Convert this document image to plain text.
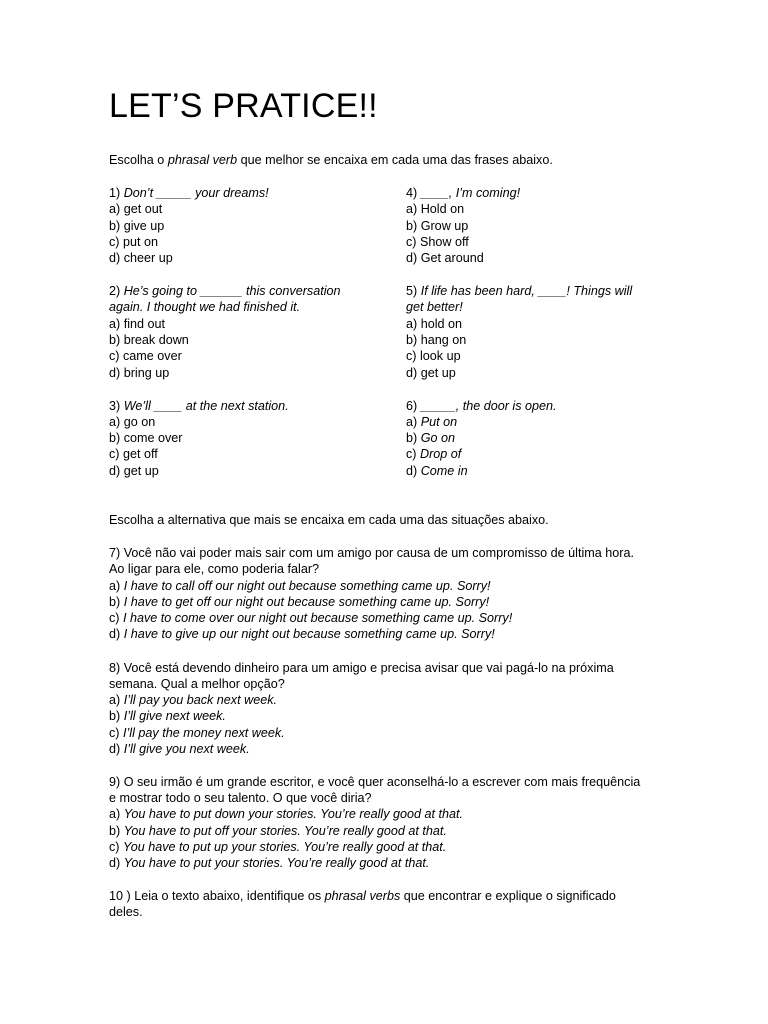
LET’S PRATICE!!
Escolha o phrasal verb que melhor se encaixa em cada uma das frases abaixo.
1) Don’t _____ your dreams!
a) get out
b) give up
c) put on
d) cheer up
4) ____, I’m coming!
a) Hold on
b) Grow up
c) Show off
d) Get around
2) He’s going to ______ this conversation
again. I thought we had finished it.
a) find out
b) break down
c) came over
d) bring up
5) If life has been hard, ____! Things will
get better!
a) hold on
b) hang on
c) look up
d) get up
3) We’ll ____ at the next station.
a) go on
b) come over
c) get off
d) get up
6) _____, the door is open.
a) Put on
b) Go on
c) Drop of
d) Come in
Escolha a alternativa que mais se encaixa em cada uma das situações abaixo.
7) Você não vai poder mais sair com um amigo por causa de um compromisso de última hora.
Ao ligar para ele, como poderia falar?
a) I have to call off our night out because something came up. Sorry!
b) I have to get off our night out because something came up. Sorry!
c) I have to come over our night out because something came up. Sorry!
d) I have to give up our night out because something came up. Sorry!
8) Você está devendo dinheiro para um amigo e precisa avisar que vai pagá-lo na próxima
semana. Qual a melhor opção?
a) I’ll pay you back next week.
b) I’ll give next week.
c) I’ll pay the money next week.
d) I’ll give you next week.
9) O seu irmão é um grande escritor, e você quer aconselhá-lo a escrever com mais frequência
e mostrar todo o seu talento. O que você diria?
a) You have to put down your stories. You’re really good at that.
b) You have to put off your stories. You’re really good at that.
c) You have to put up your stories. You’re really good at that.
d) You have to put your stories. You’re really good at that.
10 ) Leia o texto abaixo, identifique os phrasal verbs que encontrar e explique o significado
deles.
